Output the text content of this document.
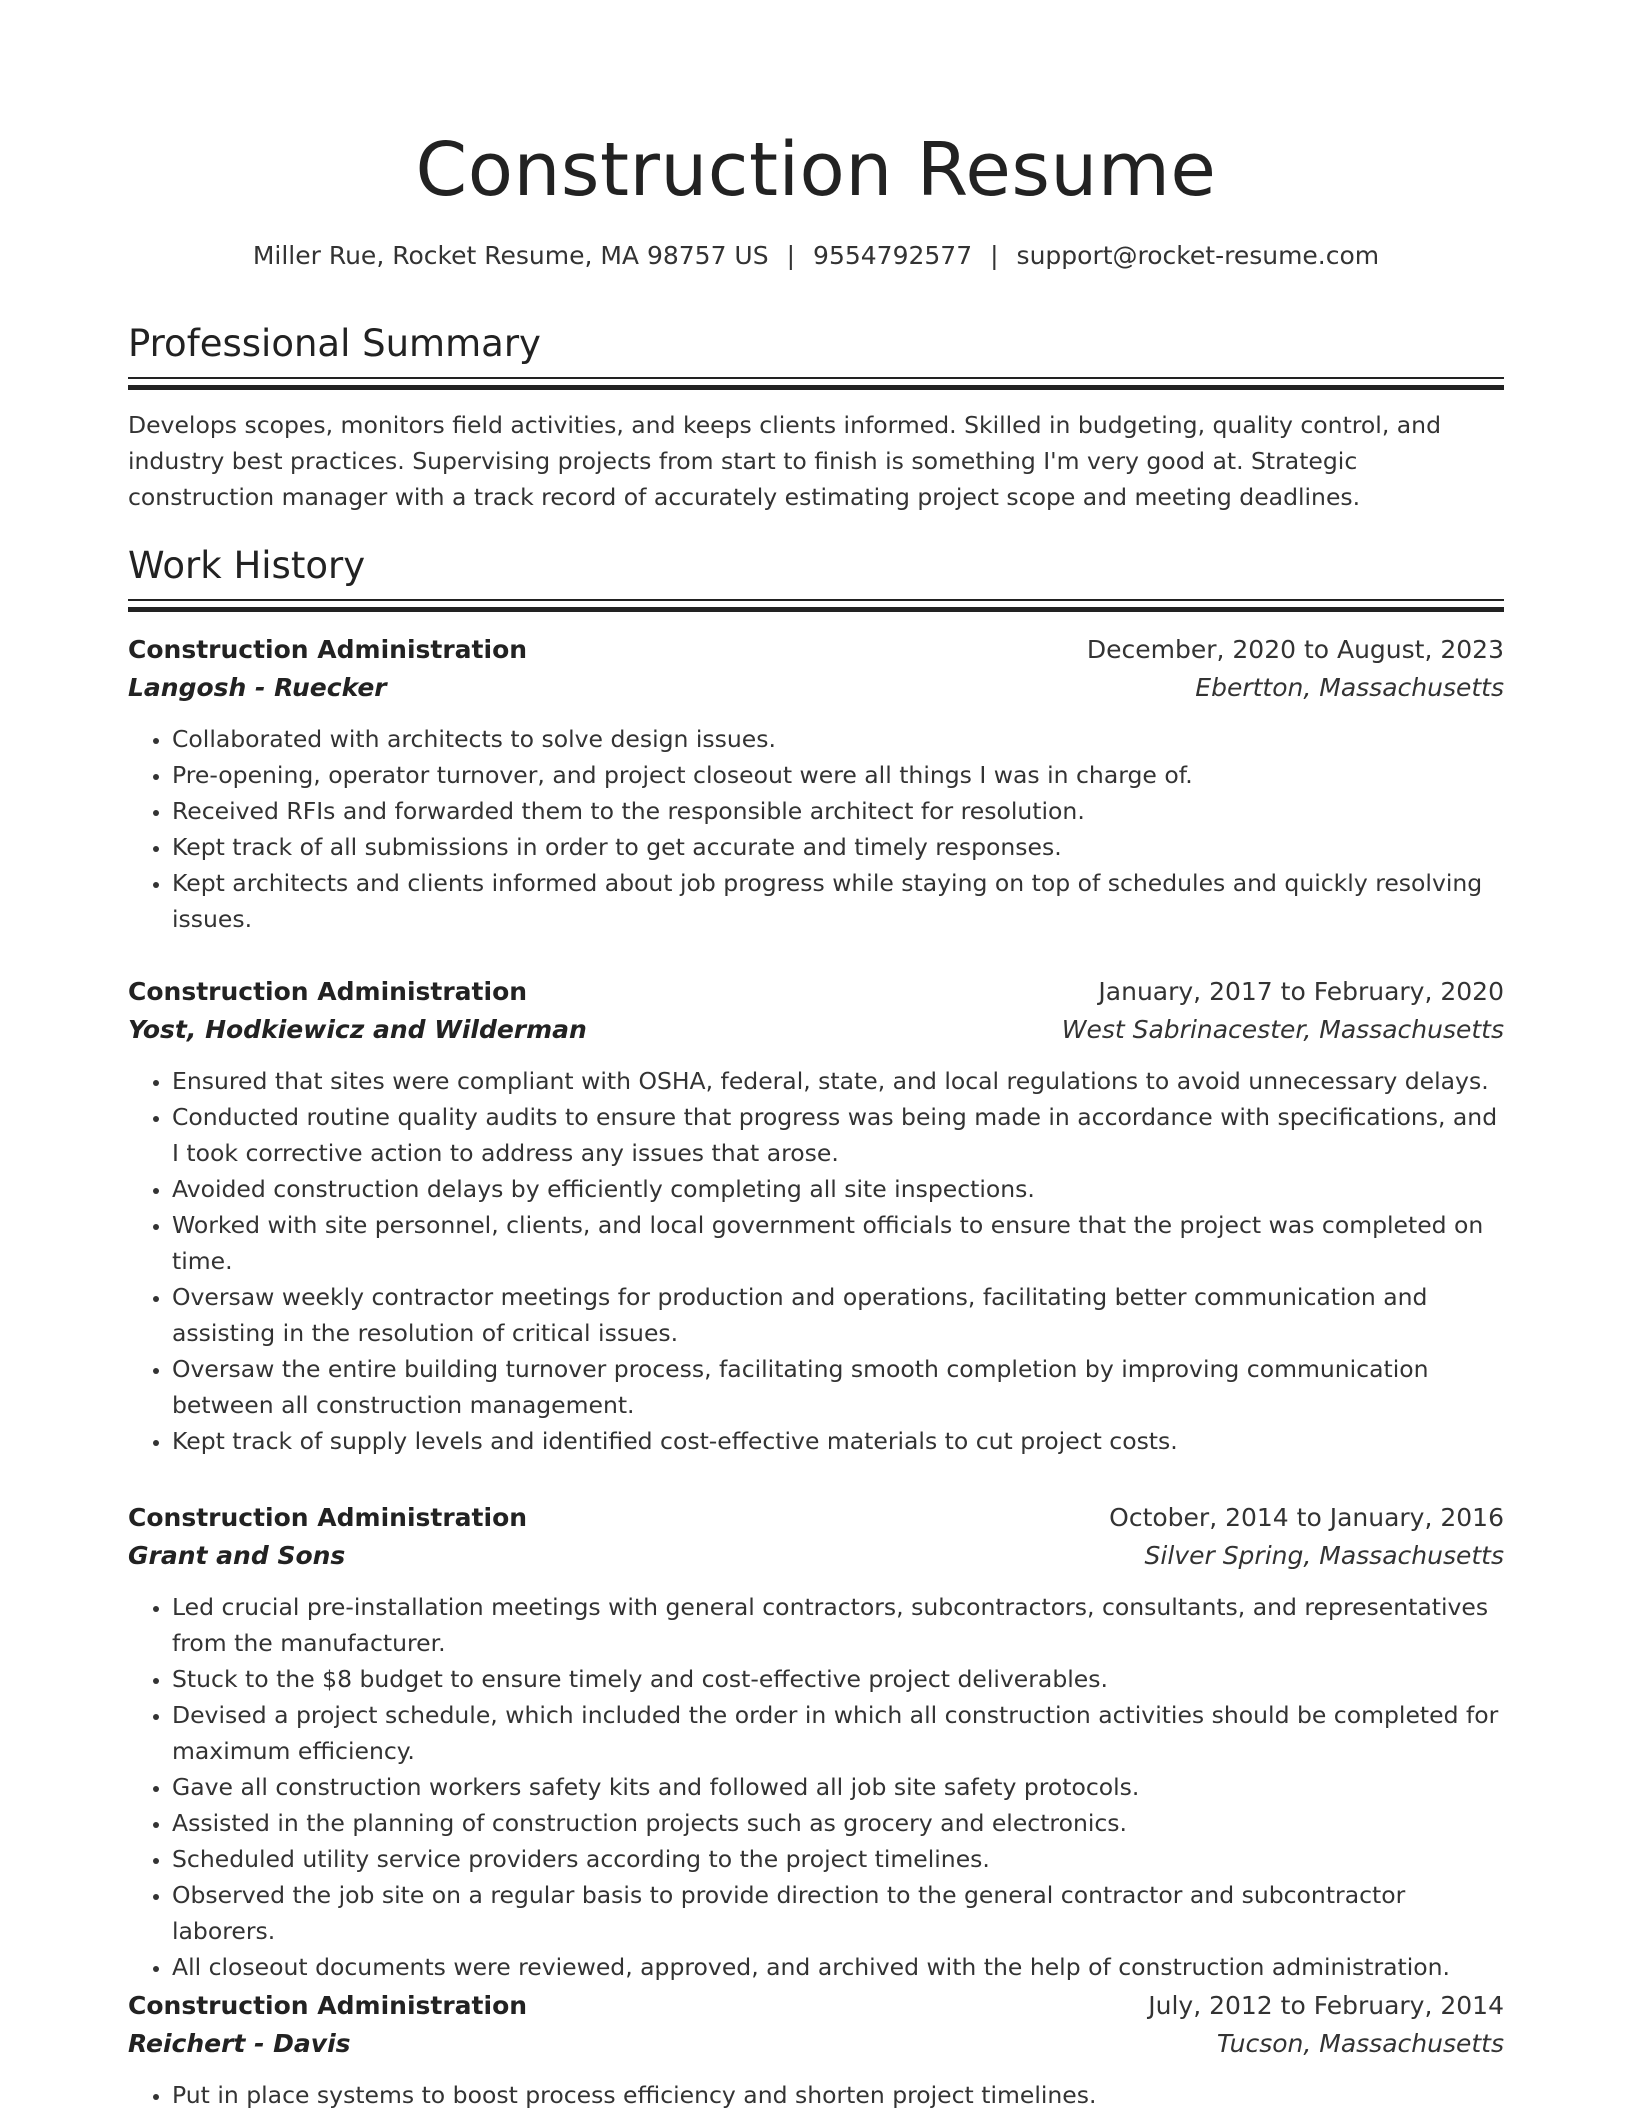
Construction Resume
Miller Rue, Rocket Resume, MA 98757 US | 9554792577 | support@rocket-resume.com
Professional Summary
Develops scopes, monitors field activities, and keeps clients informed. Skilled in budgeting, quality control, and industry best practices. Supervising projects from start to finish is something I'm very good at. Strategic construction manager with a track record of accurately estimating project scope and meeting deadlines.
Work History
Construction Administration	December, 2020 to August, 2023
Langosh - Ruecker	Ebertton, Massachusetts
• Collaborated with architects to solve design issues.
• Pre-opening, operator turnover, and project closeout were all things I was in charge of.
• Received RFIs and forwarded them to the responsible architect for resolution.
• Kept track of all submissions in order to get accurate and timely responses.
• Kept architects and clients informed about job progress while staying on top of schedules and quickly resolving issues.
Construction Administration	January, 2017 to February, 2020
Yost, Hodkiewicz and Wilderman	West Sabrinacester, Massachusetts
• Ensured that sites were compliant with OSHA, federal, state, and local regulations to avoid unnecessary delays.
• Conducted routine quality audits to ensure that progress was being made in accordance with specifications, and I took corrective action to address any issues that arose.
• Avoided construction delays by efficiently completing all site inspections.
• Worked with site personnel, clients, and local government officials to ensure that the project was completed on time.
• Oversaw weekly contractor meetings for production and operations, facilitating better communication and assisting in the resolution of critical issues.
• Oversaw the entire building turnover process, facilitating smooth completion by improving communication between all construction management.
• Kept track of supply levels and identified cost-effective materials to cut project costs.
Construction Administration	October, 2014 to January, 2016
Grant and Sons	Silver Spring, Massachusetts
• Led crucial pre-installation meetings with general contractors, subcontractors, consultants, and representatives from the manufacturer.
• Stuck to the $8 budget to ensure timely and cost-effective project deliverables.
• Devised a project schedule, which included the order in which all construction activities should be completed for maximum efficiency.
• Gave all construction workers safety kits and followed all job site safety protocols.
• Assisted in the planning of construction projects such as grocery and electronics.
• Scheduled utility service providers according to the project timelines.
• Observed the job site on a regular basis to provide direction to the general contractor and subcontractor laborers.
• All closeout documents were reviewed, approved, and archived with the help of construction administration.
Construction Administration	July, 2012 to February, 2014
Reichert - Davis	Tucson, Massachusetts
• Put in place systems to boost process efficiency and shorten project timelines.
